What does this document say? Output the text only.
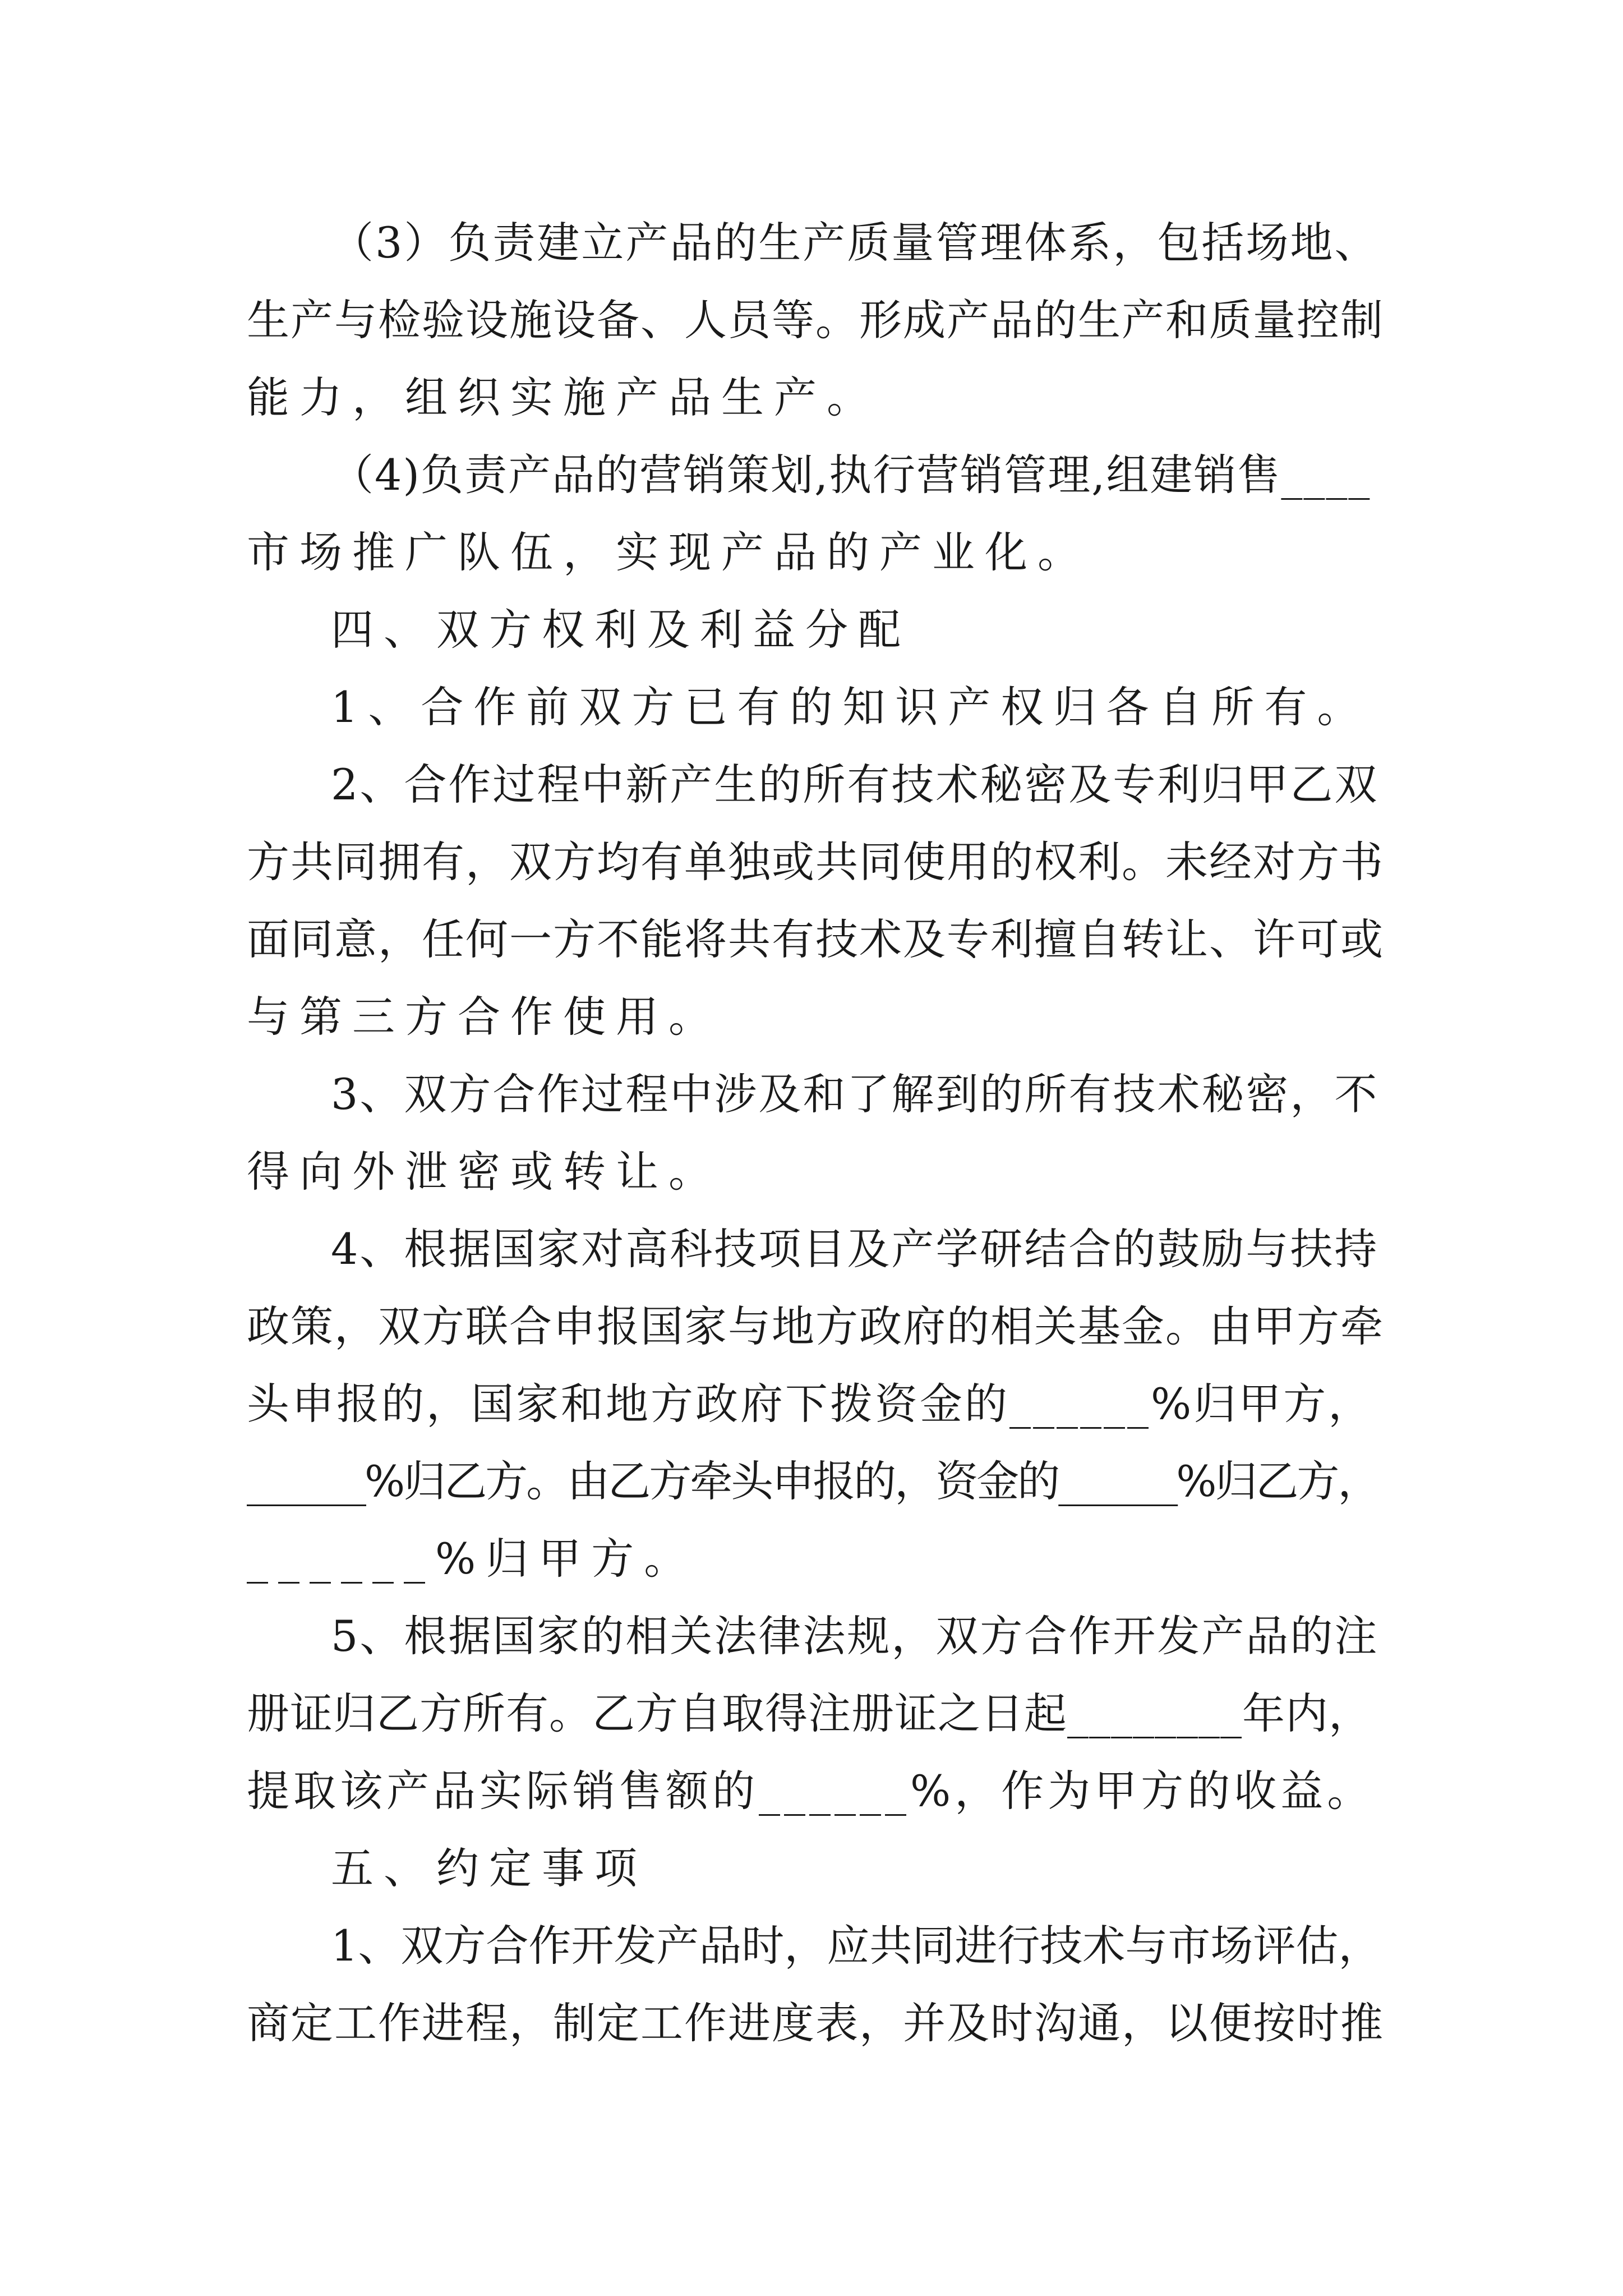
（3）负责建立产品的生产质量管理体系，包括场地、
生产与检验设施设备、人员等。形成产品的生产和质量控制
能力，组织实施产品生产。
（4)负责产品的营销策划,执行营销管理,组建销售____
市场推广队伍，实现产品的产业化。
四、双方权利及利益分配
1、合作前双方已有的知识产权归各自所有。
2、合作过程中新产生的所有技术秘密及专利归甲乙双
方共同拥有，双方均有单独或共同使用的权利。未经对方书
面同意，任何一方不能将共有技术及专利擅自转让、许可或
与第三方合作使用。
3、双方合作过程中涉及和了解到的所有技术秘密，不
得向外泄密或转让。
4、根据国家对高科技项目及产学研结合的鼓励与扶持
政策，双方联合申报国家与地方政府的相关基金。由甲方牵
头申报的，国家和地方政府下拨资金的______%归甲方，
______%归乙方。由乙方牵头申报的，资金的______%归乙方，
______%归甲方。
5、根据国家的相关法律法规，双方合作开发产品的注
册证归乙方所有。乙方自取得注册证之日起________年内，
提取该产品实际销售额的______%，作为甲方的收益。
五、约定事项
1、双方合作开发产品时，应共同进行技术与市场评估，
商定工作进程，制定工作进度表，并及时沟通，以便按时推
